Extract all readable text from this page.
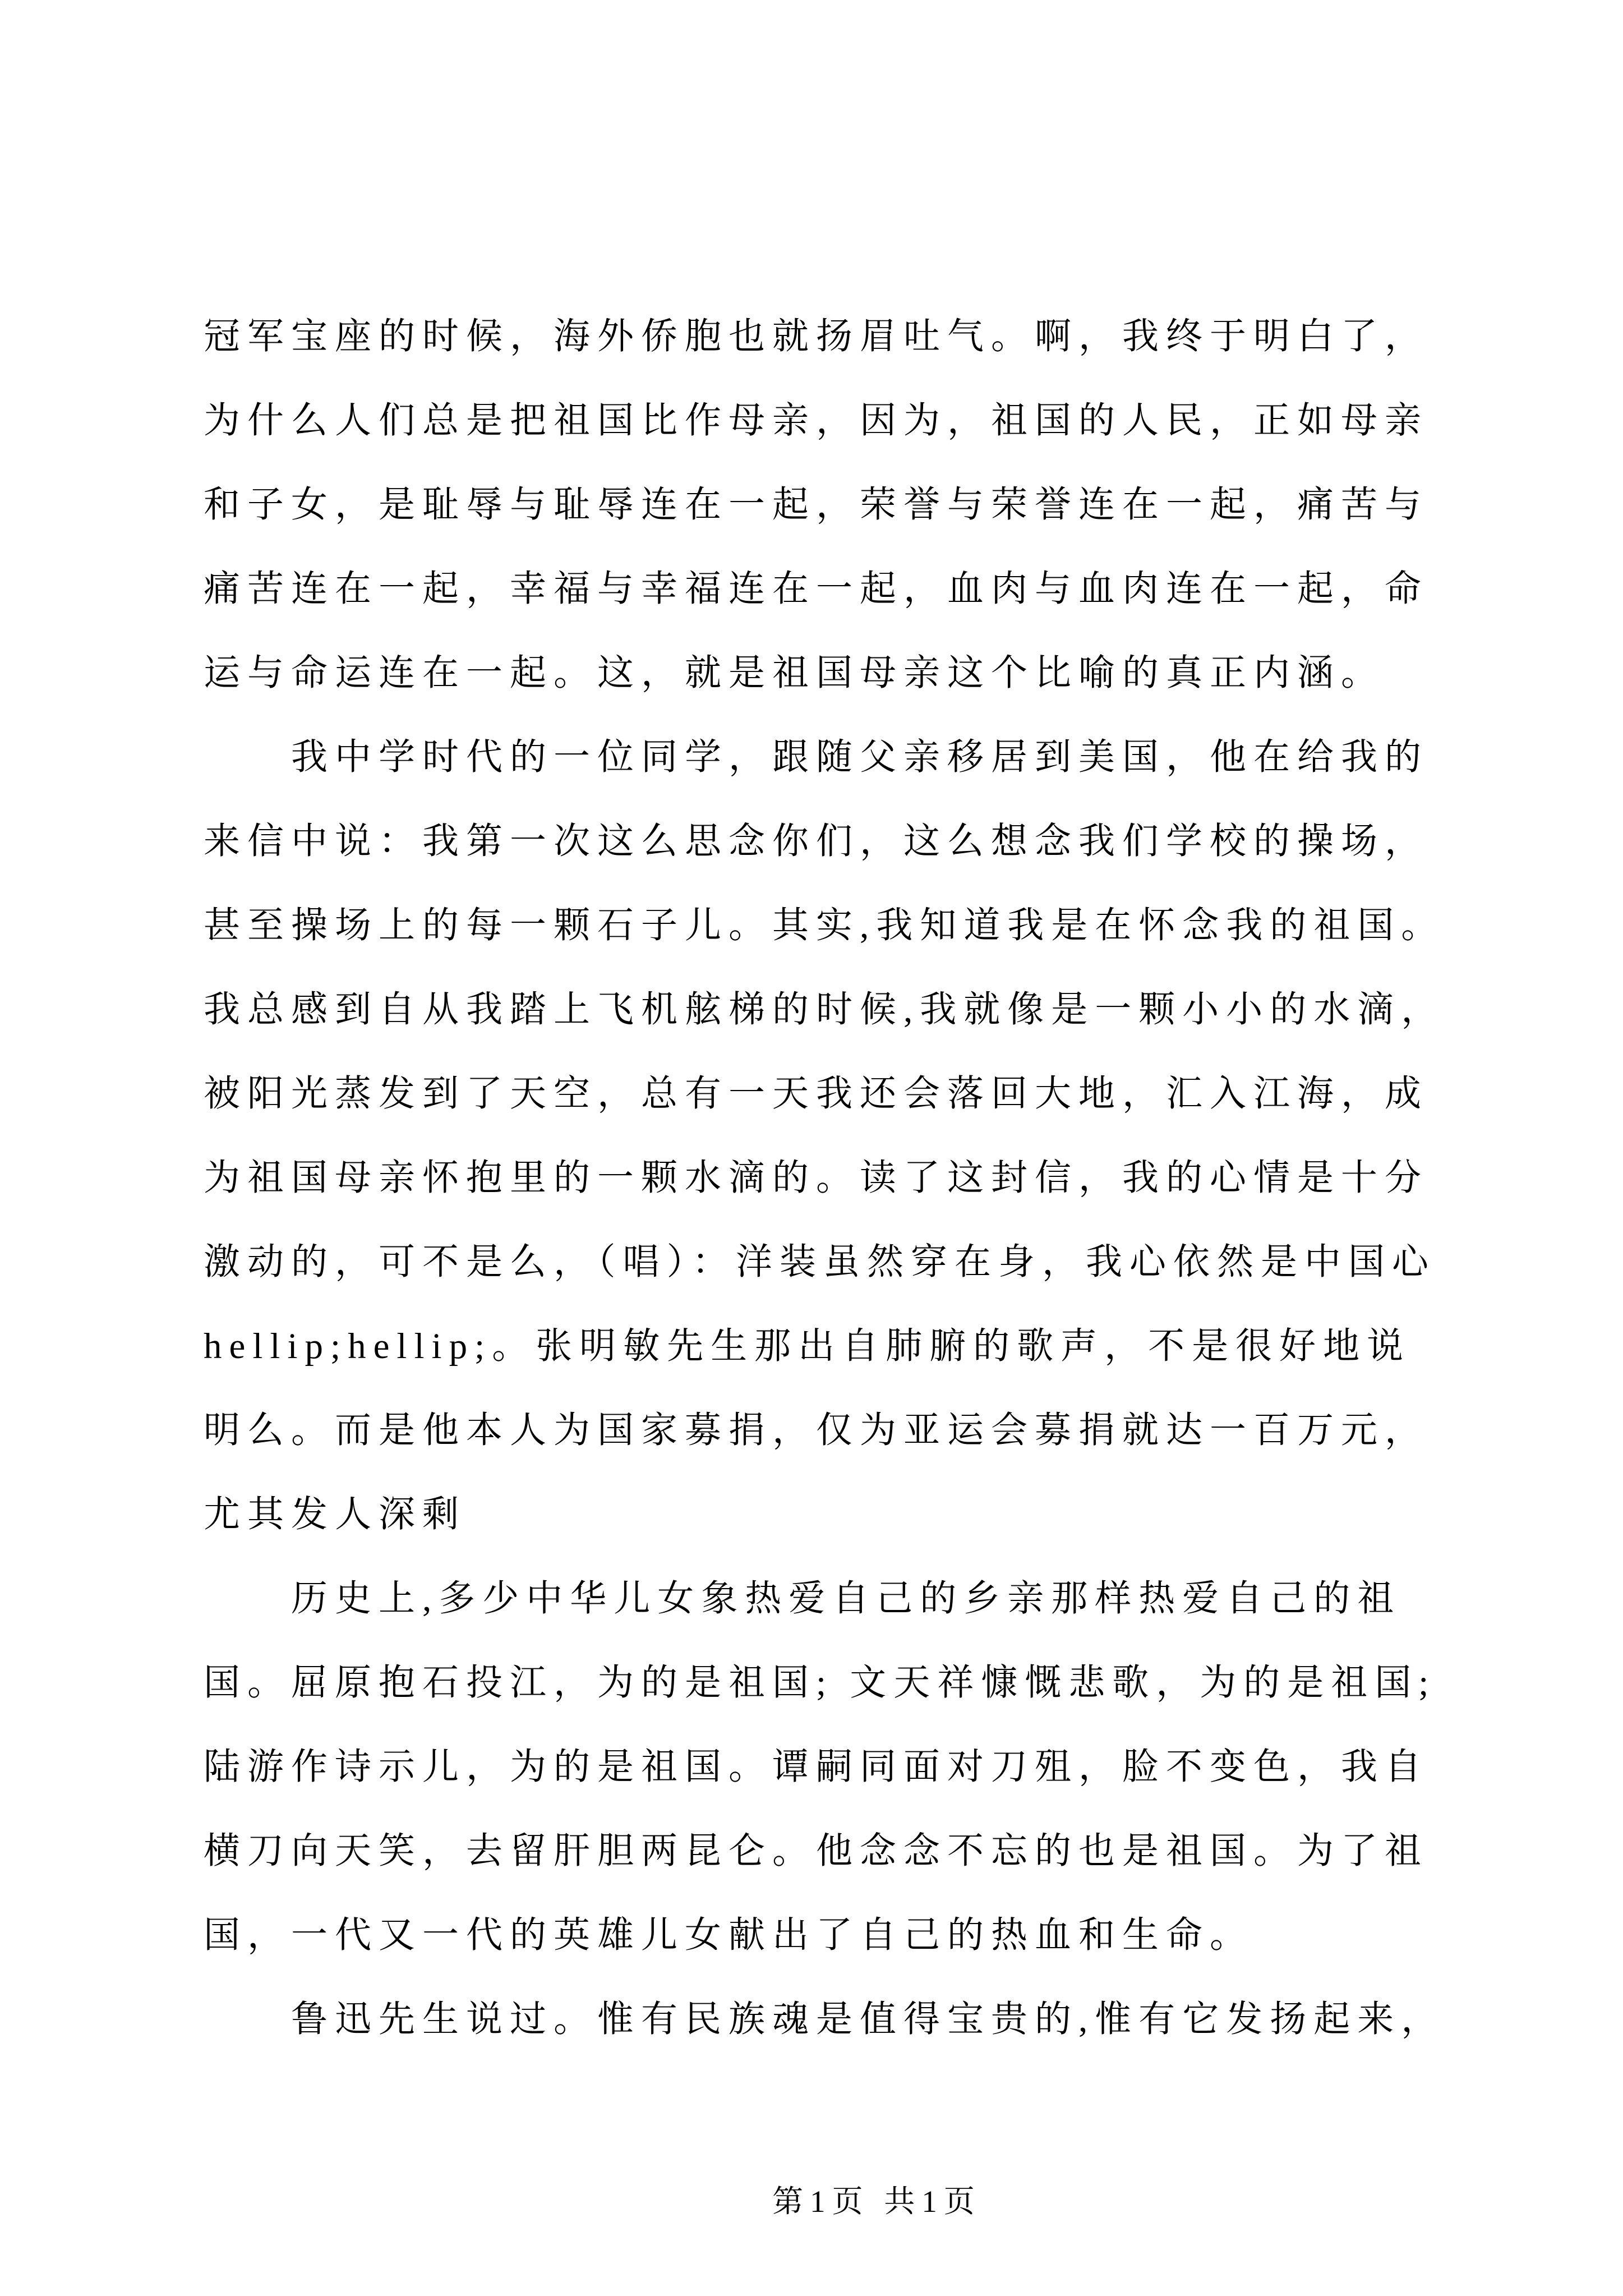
冠军宝座的时候，海外侨胞也就扬眉吐气。啊，我终于明白了，
为什么人们总是把祖国比作母亲，因为，祖国的人民，正如母亲
和子女，是耻辱与耻辱连在一起，荣誉与荣誉连在一起，痛苦与
痛苦连在一起，幸福与幸福连在一起，血肉与血肉连在一起，命
运与命运连在一起。这，就是祖国母亲这个比喻的真正内涵。
我中学时代的一位同学，跟随父亲移居到美国，他在给我的
来信中说：我第一次这么思念你们，这么想念我们学校的操场，
甚至操场上的每一颗石子儿。其实,我知道我是在怀念我的祖国。
我总感到自从我踏上飞机舷梯的时候,我就像是一颗小小的水滴，
被阳光蒸发到了天空，总有一天我还会落回大地，汇入江海，成
为祖国母亲怀抱里的一颗水滴的。读了这封信，我的心情是十分
激动的，可不是么，（唱）：洋装虽然穿在身，我心依然是中国心
hellip;hellip;。张明敏先生那出自肺腑的歌声，不是很好地说
明么。而是他本人为国家募捐，仅为亚运会募捐就达一百万元，
尤其发人深剩
历史上,多少中华儿女象热爱自己的乡亲那样热爱自己的祖
国。屈原抱石投江，为的是祖国; 文天祥慷慨悲歌，为的是祖国;
陆游作诗示儿，为的是祖国。谭嗣同面对刀殂，脸不变色，我自
横刀向天笑，去留肝胆两昆仑。他念念不忘的也是祖国。为了祖
国，一代又一代的英雄儿女献出了自己的热血和生命。
鲁迅先生说过。惟有民族魂是值得宝贵的,惟有它发扬起来，

第1页 共1页
